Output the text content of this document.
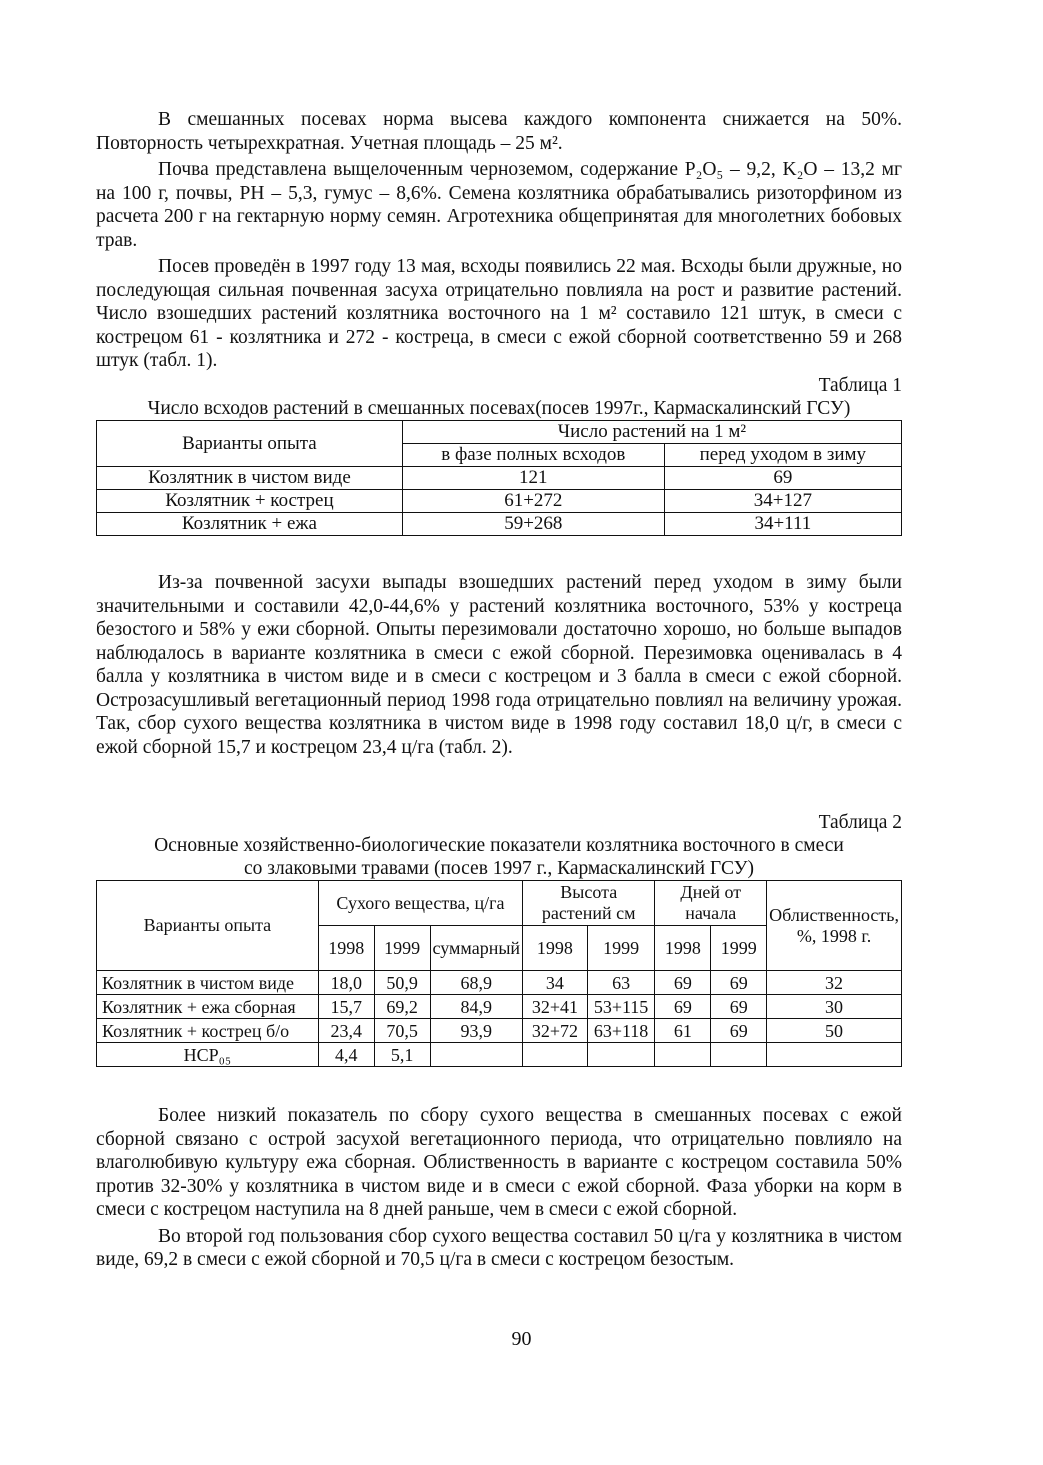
В смешанных посевах норма высева каждого компонента снижается на 50%. Повторность четырехкратная. Учетная площадь – 25 м².

Почва представлена выщелоченным черноземом, содержание P₂O₅ – 9,2, K₂O – 13,2 мг на 100 г, почвы, PH – 5,3, гумус – 8,6%. Семена козлятника обрабатывались ризоторфином из расчета 200 г на гектарную норму семян. Агротехника общепринятая для многолетних бобовых трав.

Посев проведён в 1997 году 13 мая, всходы появились 22 мая. Всходы были дружные, но последующая сильная почвенная засуха отрицательно повлияла на рост и развитие растений. Число взошедших растений козлятника восточного на 1 м² составило 121 штук, в смеси с кострецом 61 - козлятника и 272 - костреца, в смеси с ежой сборной соответственно 59 и 268 штук (табл. 1).

Таблица 1
Число всходов растений в смешанных посевах(посев 1997г., Кармаскалинский ГСУ)
Варианты опыта	Число растений на 1 м²	
	в фазе полных всходов	перед уходом в зиму
Козлятник в чистом виде	121	69
Козлятник + кострец	61+272	34+127
Козлятник + ежа	59+268	34+111

Из-за почвенной засухи выпады взошедших растений перед уходом в зиму были значительными и составили 42,0-44,6% у растений козлятника восточного, 53% у костреца безостого и 58% у ежи сборной. Опыты перезимовали достаточно хорошо, но больше выпадов наблюдалось в варианте козлятника в смеси с ежой сборной. Перезимовка оценивалась в 4 балла у козлятника в чистом виде и в смеси с кострецом и 3 балла в смеси с ежой сборной. Острозасушливый вегетационный период 1998 года отрицательно повлиял на величину урожая. Так, сбор сухого вещества козлятника в чистом виде в 1998 году составил 18,0 ц/г, в смеси с ежой сборной 15,7 и кострецом 23,4 ц/га (табл. 2).

Таблица 2
Основные хозяйственно-биологические показатели козлятника восточного в смеси
со злаковыми травами (посев 1997 г., Кармаскалинский ГСУ)
Варианты опыта	Сухого вещества, ц/га			Высота растений см		Дней от начала		Облиственность, %, 1998 г.
	1998	1999	суммарный	1998	1999	1998	1999	
Козлятник в чистом виде	18,0	50,9	68,9	34	63	69	69	32
Козлятник + ежа сборная	15,7	69,2	84,9	32+41	53+115	69	69	30
Козлятник + кострец б/о	23,4	70,5	93,9	32+72	63+118	61	69	50
НСР₀₅	4,4	5,1						

Более низкий показатель по сбору сухого вещества в смешанных посевах с ежой сборной связано с острой засухой вегетационного периода, что отрицательно повлияло на влаголюбивую культуру ежа сборная. Облиственность в варианте с кострецом составила 50% против 32-30% у козлятника в чистом виде и в смеси с ежой сборной. Фаза уборки на корм в смеси с кострецом наступила на 8 дней раньше, чем в смеси с ежой сборной.

Во второй год пользования сбор сухого вещества составил 50 ц/га у козлятника в чистом виде, 69,2 в смеси с ежой сборной и 70,5 ц/га в смеси с кострецом безостым.

90
